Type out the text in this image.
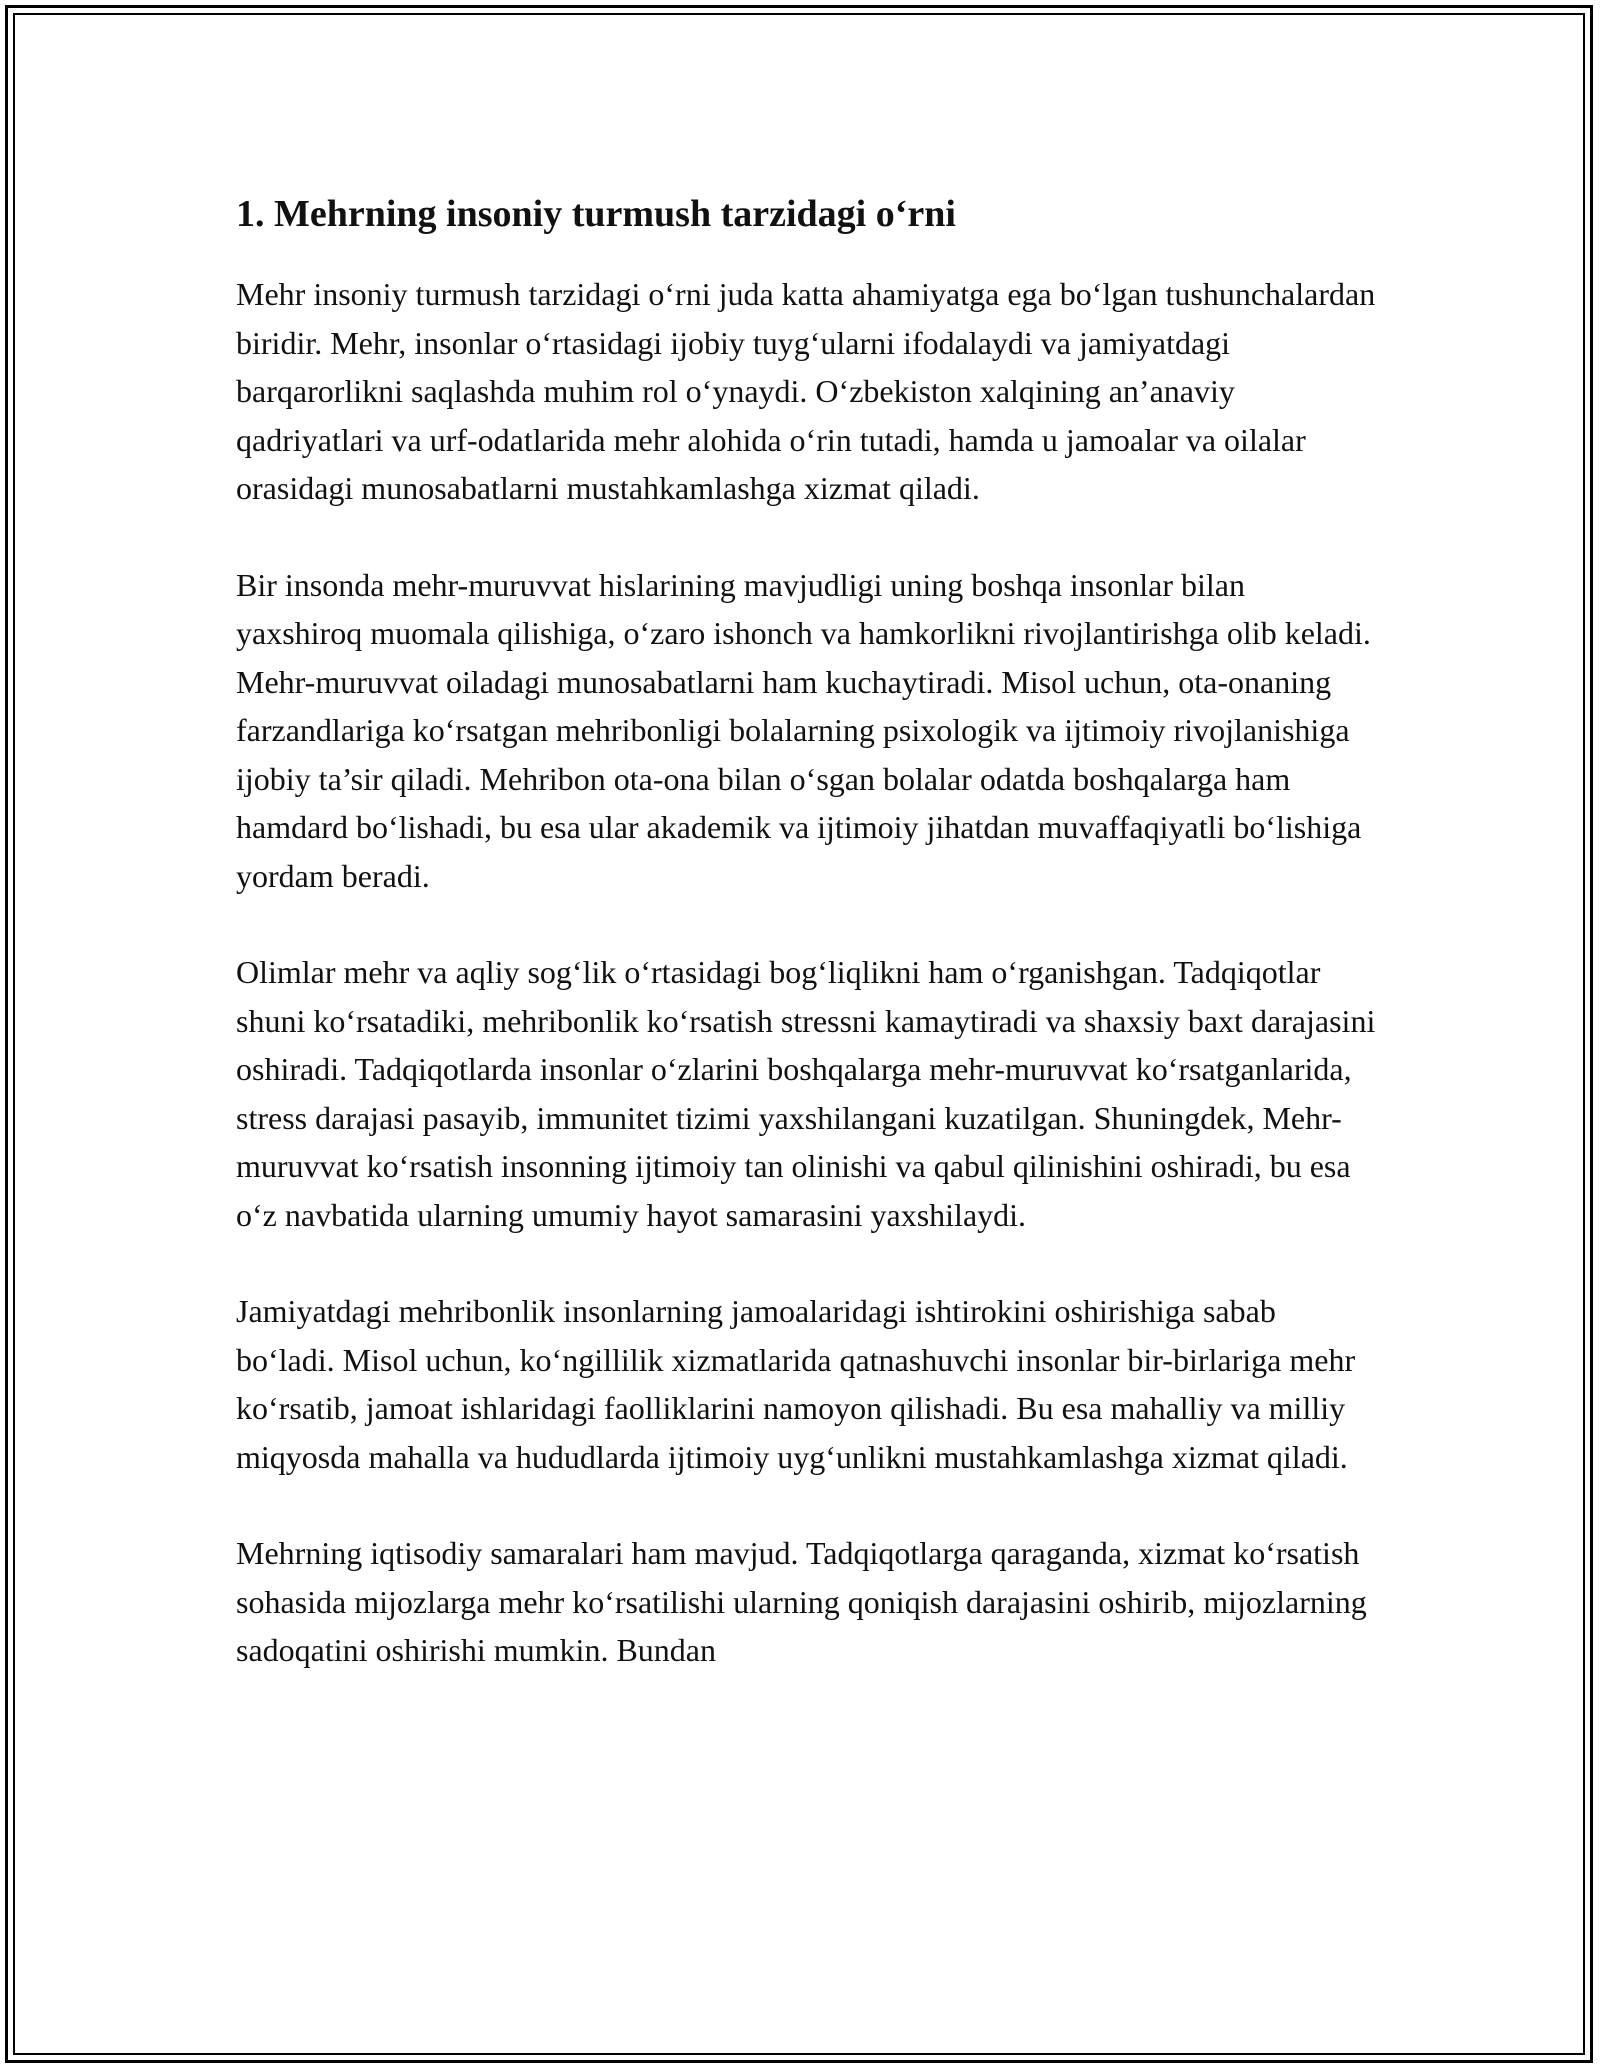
1. Mehrning insoniy turmush tarzidagi o‘rni

Mehr insoniy turmush tarzidagi o‘rni juda katta ahamiyatga ega bo‘lgan tushunchalardan biridir. Mehr, insonlar o‘rtasidagi ijobiy tuyg‘ularni ifodalaydi va jamiyatdagi barqarorlikni saqlashda muhim rol o‘ynaydi. O‘zbekiston xalqining an’anaviy qadriyatlari va urf-odatlarida mehr alohida o‘rin tutadi, hamda u jamoalar va oilalar orasidagi munosabatlarni mustahkamlashga xizmat qiladi.

Bir insonda mehr-muruvvat hislarining mavjudligi uning boshqa insonlar bilan yaxshiroq muomala qilishiga, o‘zaro ishonch va hamkorlikni rivojlantirishga olib keladi. Mehr-muruvvat oiladagi munosabatlarni ham kuchaytiradi. Misol uchun, ota-onaning farzandlariga ko‘rsatgan mehribonligi bolalarning psixologik va ijtimoiy rivojlanishiga ijobiy ta’sir qiladi. Mehribon ota-ona bilan o‘sgan bolalar odatda boshqalarga ham hamdard bo‘lishadi, bu esa ular akademik va ijtimoiy jihatdan muvaffaqiyatli bo‘lishiga yordam beradi.

Olimlar mehr va aqliy sog‘lik o‘rtasidagi bog‘liqlikni ham o‘rganishgan. Tadqiqotlar shuni ko‘rsatadiki, mehribonlik ko‘rsatish stressni kamaytiradi va shaxsiy baxt darajasini oshiradi. Tadqiqotlarda insonlar o‘zlarini boshqalarga mehr-muruvvat ko‘rsatganlarida, stress darajasi pasayib, immunitet tizimi yaxshilangani kuzatilgan. Shuningdek, Mehr-muruvvat ko‘rsatish insonning ijtimoiy tan olinishi va qabul qilinishini oshiradi, bu esa o‘z navbatida ularning umumiy hayot samarasini yaxshilaydi.

Jamiyatdagi mehribonlik insonlarning jamoalaridagi ishtirokini oshirishiga sabab bo‘ladi. Misol uchun, ko‘ngillilik xizmatlarida qatnashuvchi insonlar bir-birlariga mehr ko‘rsatib, jamoat ishlaridagi faolliklarini namoyon qilishadi. Bu esa mahalliy va milliy miqyosda mahalla va hududlarda ijtimoiy uyg‘unlikni mustahkamlashga xizmat qiladi.

Mehrning iqtisodiy samaralari ham mavjud. Tadqiqotlarga qaraganda, xizmat ko‘rsatish sohasida mijozlarga mehr ko‘rsatilishi ularning qoniqish darajasini oshirib, mijozlarning sadoqatini oshirishi mumkin. Bundan
